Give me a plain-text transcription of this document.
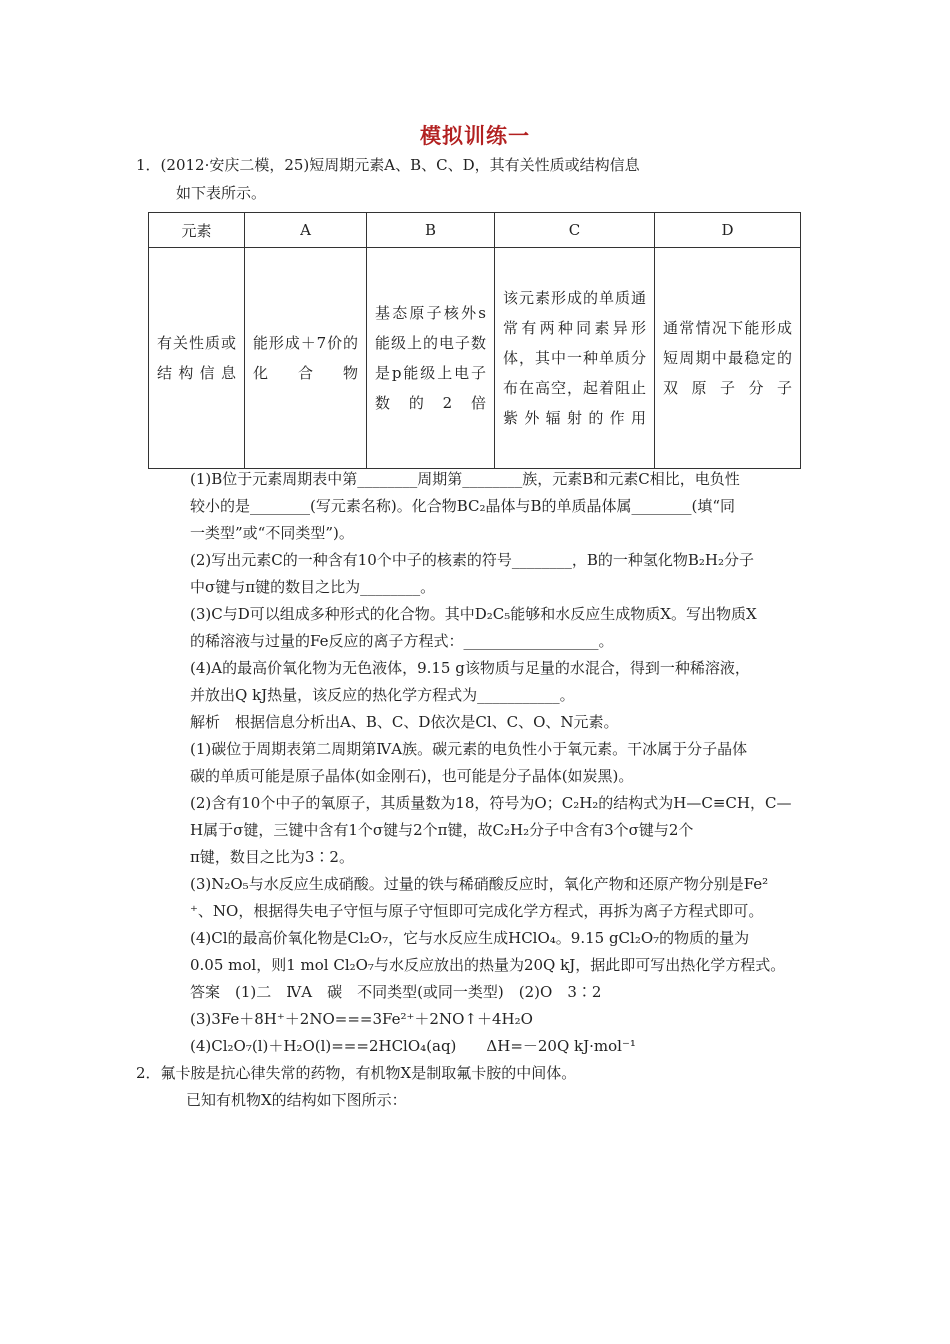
模拟训练一
1．(2012·安庆二模，25)短周期元素A、B、C、D，其有关性质或结构信息
如下表所示。
元素	A	B	C	D
有关性质或结构信息	能形成＋7价的化合物	基态原子核外s能级上的电子数是p能级上电子数的2倍	该元素形成的单质通常有两种同素异形体，其中一种单质分布在高空，起着阻止紫外辐射的作用	通常情况下能形成短周期中最稳定的双原子分子
(1)B位于元素周期表中第________周期第________族，元素B和元素C相比，电负性
较小的是________(写元素名称)。化合物BC₂晶体与B的单质晶体属________(填“同
一类型”或“不同类型”)。
(2)写出元素C的一种含有10个中子的核素的符号________，B的一种氢化物B₂H₂分子
中σ键与π键的数目之比为________。
(3)C与D可以组成多种形式的化合物。其中D₂C₅能够和水反应生成物质X。写出物质X
的稀溶液与过量的Fe反应的离子方程式：__________________。
(4)A的最高价氧化物为无色液体，9.15 g该物质与足量的水混合，得到一种稀溶液，
并放出Q kJ热量，该反应的热化学方程式为___________。
解析　根据信息分析出A、B、C、D依次是Cl、C、O、N元素。
(1)碳位于周期表第二周期第ⅣA族。碳元素的电负性小于氧元素。干冰属于分子晶体
碳的单质可能是原子晶体(如金刚石)，也可能是分子晶体(如炭黑)。
(2)含有10个中子的氧原子，其质量数为18，符号为O；C₂H₂的结构式为H—C≡CH，C—
H属于σ键，三键中含有1个σ键与2个π键，故C₂H₂分子中含有3个σ键与2个
π键，数目之比为3∶2。
(3)N₂O₅与水反应生成硝酸。过量的铁与稀硝酸反应时，氧化产物和还原产物分别是Fe²
⁺、NO，根据得失电子守恒与原子守恒即可完成化学方程式，再拆为离子方程式即可。
(4)Cl的最高价氧化物是Cl₂O₇，它与水反应生成HClO₄。9.15 gCl₂O₇的物质的量为
0.05 mol，则1 mol Cl₂O₇与水反应放出的热量为20Q kJ，据此即可写出热化学方程式。
答案　(1)二　ⅣA　碳　不同类型(或同一类型)　(2)O　3∶2
(3)3Fe＋8H⁺＋2NO===3Fe²⁺＋2NO↑＋4H₂O
(4)Cl₂O₇(l)＋H₂O(l)===2HClO₄(aq)　　ΔH=－20Q kJ·mol⁻¹
2．氟卡胺是抗心律失常的药物，有机物X是制取氟卡胺的中间体。
已知有机物X的结构如下图所示：
